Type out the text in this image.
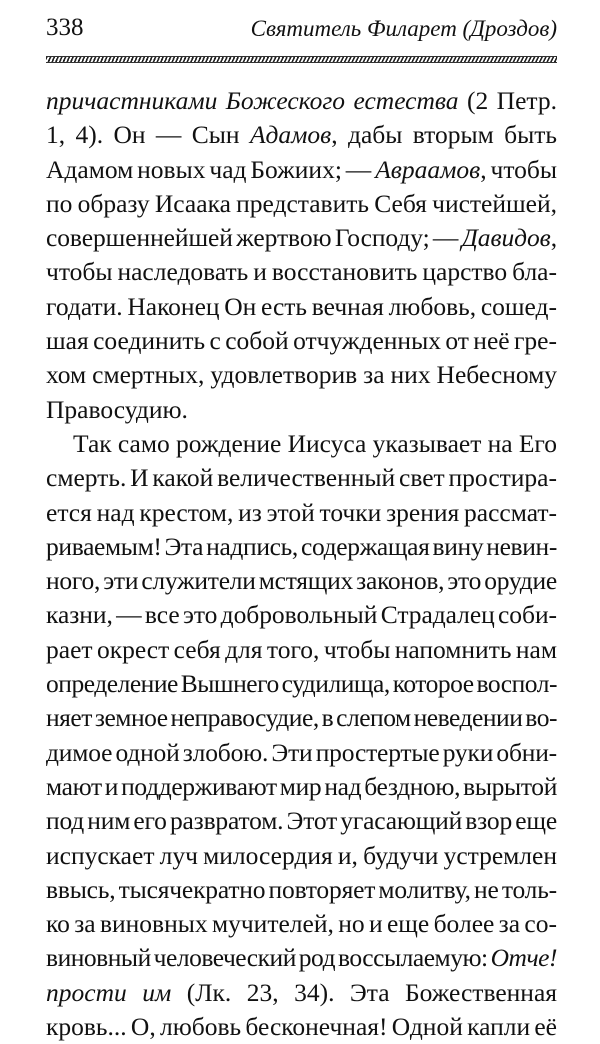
338	Святитель Филарет (Дроздов)
причастниками Божеского естества (2 Петр.
1, 4). Он — Сын Адамов, дабы вторым быть
Адамом новых чад Божиих; — Авраамов, чтобы
по образу Исаака представить Себя чистейшей,
совершеннейшей жертвою Господу; — Давидов,
чтобы наследовать и восстановить царство бла-
годати. Наконец Он есть вечная любовь, сошед-
шая соединить с собой отчужденных от неё гре-
хом смертных, удовлетворив за них Небесному
Правосудию.
Так само рождение Иисуса указывает на Его
смерть. И какой величественный свет простира-
ется над крестом, из этой точки зрения рассмат-
риваемым! Эта надпись, содержащая вину невин-
ного, эти служители мстящих законов, это орудие
казни, — все это добровольный Страдалец соби-
рает окрест себя для того, чтобы напомнить нам
определение Вышнего судилища, которое воспол-
няет земное неправосудие, в слепом неведении во-
димое одной злобою. Эти простертые руки обни-
мают и поддерживают мир над бездною, вырытой
под ним его развратом. Этот угасающий взор еще
испускает луч милосердия и, будучи устремлен
ввысь, тысячекратно повторяет молитву, не толь-
ко за виновных мучителей, но и еще более за со-
виновный человеческий род воссылаемую: Отче!
прости им (Лк. 23, 34). Эта Божественная
кровь... О, любовь бесконечная! Одной капли её
